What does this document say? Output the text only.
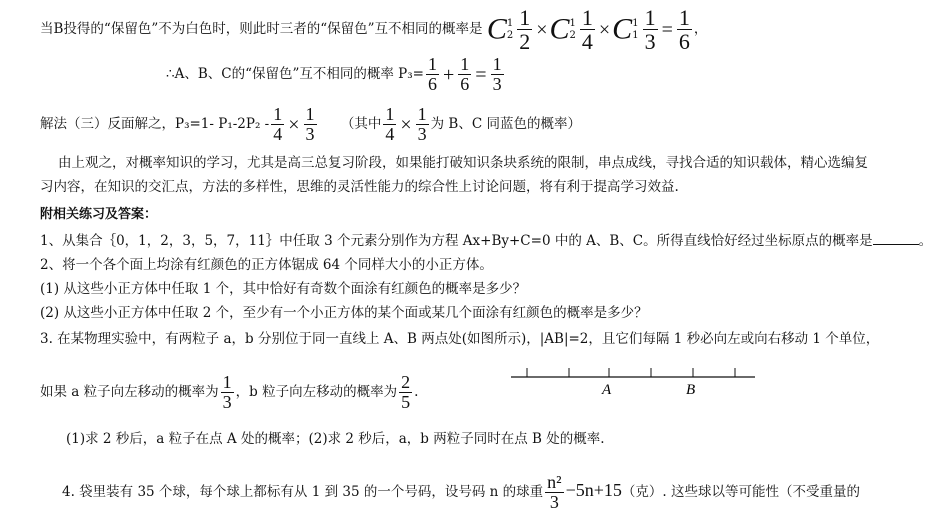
当B投得的“保留色”不为白色时，则此时三者的“保留色”互不相同的概率是 C 1
$2 \frac{1}{2} \times C$ 1
$2 \frac{1}{4} \times C$ 1
$1 \frac{1}{3} = \frac{1}{6}$ ，
∴A、B、C的“保留色”互不相同的概率 $P_3= \frac{1}{6} + \frac{1}{6} = \frac{1}{3}$
解法（三）反面解之，P₃=1- $P_1-2P_2 - \frac{1}{4} \times \frac{1}{3}$ （其中 $\frac{1}{4} \times \frac{1}{3}$ 为 B、C 同蓝色的概率）
由上观之，对概率知识的学习，尤其是高三总复习阶段，如果能打破知识条块系统的限制，串点成线，寻找合适的知识载体，精心选编复
习内容，在知识的交汇点，方法的多样性，思维的灵活性能力的综合性上讨论问题，将有利于提高学习效益.
附相关练习及答案：
1、从集合｛0，1，2，3，5，7，11｝中任取 3 个元素分别作为方程 Ax+By+C=0 中的 A、B、C。所得直线恰好经过坐标原点的概率是	。
2、将一个各个面上均涂有红颜色的正方体锯成 64 个同样大小的小正方体。
(1) 从这些小正方体中任取 1 个，其中恰好有奇数个面涂有红颜色的概率是多少？
(2) 从这些小正方体中任取 2 个，至少有一个小正方体的某个面或某几个面涂有红颜色的概率是多少？
3. 在某物理实验中，有两粒子 a，b 分别位于同一直线上 A、B 两点处(如图所示)，|AB|=2，且它们每隔 1 秒必向左或向右移动 1 个单位，
如果 a 粒子向左移动的概率为 $\frac{1}{3}$ ，b 粒子向左移动的概率为 $\frac{2}{5}$ .	A	B
(1)求 2 秒后，a 粒子在点 A 处的概率；(2)求 2 秒后，a，b 两粒子同时在点 B 处的概率.
4. 袋里装有 35 个球，每个球上都标有从 1 到 35 的一个号码，设号码 n 的球重 $\frac{\text{n²}}{3} -5n+15$（克）. 这些球以等可能性（不受重量的
